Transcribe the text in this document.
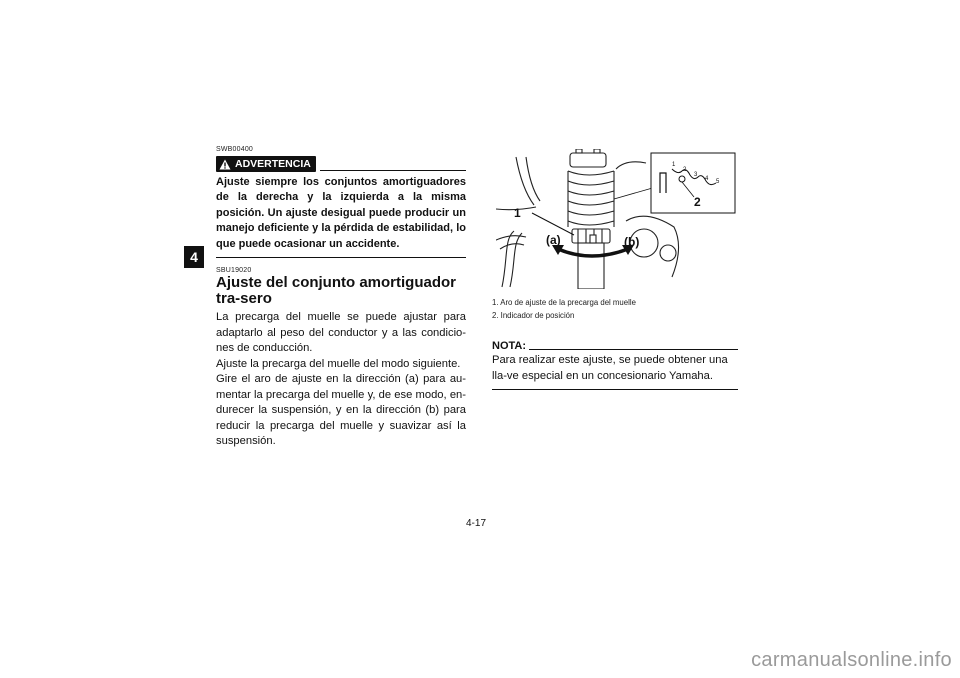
4
SWB00400
ADVERTENCIA
Ajuste siempre los conjuntos amortiguadores de la derecha y la izquierda a la misma posición. Un ajuste desigual puede producir un manejo deficiente y la pérdida de estabilidad, lo que puede ocasionar un accidente.
SBU19020
Ajuste del conjunto amortiguador tra-sero

La precarga del muelle se puede ajustar para adaptarlo al peso del conductor y a las condicio-nes de conducción.

Ajuste la precarga del muelle del modo siguiente.

Gire el aro de ajuste en la dirección (a) para au-mentar la precarga del muelle y, de ese modo, en-durecer la suspensión, y en la dirección (b) para reducir la precarga del muelle y suavizar así la suspensión.

1
2
(a)	(b)
1
2
3
4 5
1. Aro de ajuste de la precarga del muelle
2. Indicador de posición
NOTA:
Para realizar este ajuste, se puede obtener una lla-ve especial en un concesionario Yamaha.
4-17
carmanualsonline.info
